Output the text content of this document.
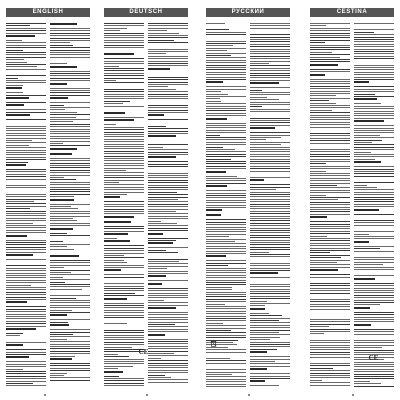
ENGLISH	DEUTSCH
CE
РУССКИЙ	ČEŠTINA
CE
